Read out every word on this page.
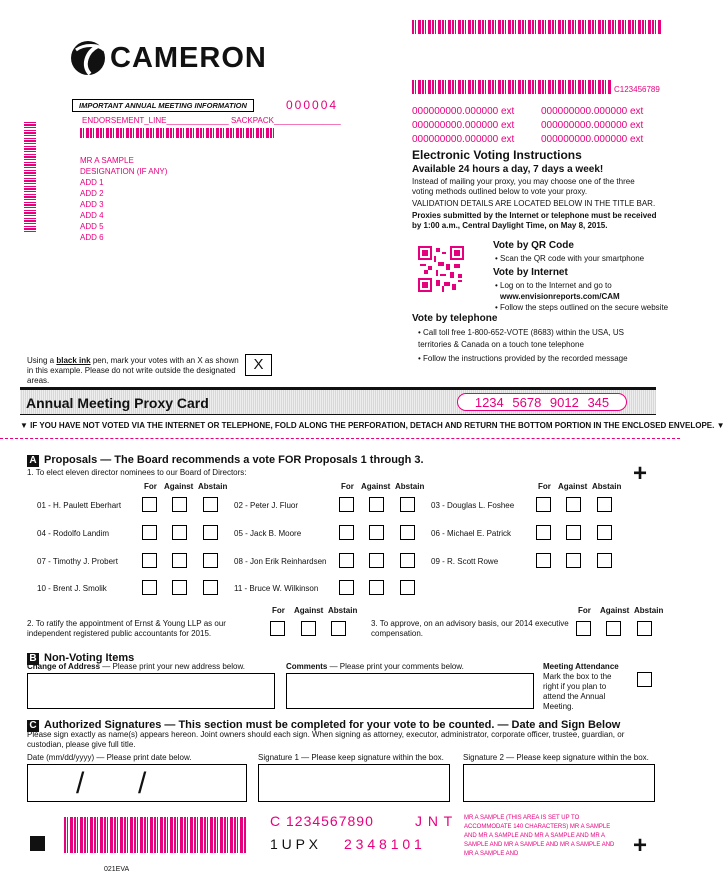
C123456789
CAMERON
IMPORTANT ANNUAL MEETING INFORMATION	000004
ENDORSEMENT_LINE______________ SACKPACK_______________
MR A SAMPLE
DESIGNATION (IF ANY)
ADD 1
ADD 2
ADD 3
ADD 4
ADD 5
ADD 6
000000000.000000 ext
000000000.000000 ext
000000000.000000 ext
000000000.000000 ext
000000000.000000 ext
000000000.000000 ext
Electronic Voting Instructions
Available 24 hours a day, 7 days a week!
Instead of mailing your proxy, you may choose one of the three voting methods outlined below to vote your proxy.
VALIDATION DETAILS ARE LOCATED BELOW IN THE TITLE BAR.
Proxies submitted by the Internet or telephone must be received by 1:00 a.m., Central Daylight Time, on May 8, 2015.
Vote by QR Code
• Scan the QR code with your smartphone
Vote by Internet
• Log on to the Internet and go to
www.envisionreports.com/CAM
• Follow the steps outlined on the secure website
Vote by telephone
• Call toll free 1-800-652-VOTE (8683) within the USA, US territories & Canada on a touch tone telephone
• Follow the instructions provided by the recorded message
Using a black ink pen, mark your votes with an X as shown in this example. Please do not write outside the designated areas.
X
Annual Meeting Proxy Card	1234 5678 9012 345
▼ IF YOU HAVE NOT VOTED VIA THE INTERNET OR TELEPHONE, FOLD ALONG THE PERFORATION, DETACH AND RETURN THE BOTTOM PORTION IN THE ENCLOSED ENVELOPE. ▼
A Proposals — The Board recommends a vote FOR Proposals 1 through 3.
1. To elect eleven director nominees to our Board of Directors:	+
For Against Abstain	For Against Abstain	For Against Abstain
01 - H. Paulett Eberhart	02 - Peter J. Fluor	03 - Douglas L. Foshee
04 - Rodolfo Landim	05 - Jack B. Moore	06 - Michael E. Patrick
07 - Timothy J. Probert	08 - Jon Erik Reinhardsen	09 - R. Scott Rowe
10 - Brent J. Smolik	11 - Bruce W. Wilkinson
For Against Abstain	For Against Abstain
2. To ratify the appointment of Ernst & Young LLP as our independent registered public accountants for 2015.
3. To approve, on an advisory basis, our 2014 executive compensation.
B Non-Voting Items
Change of Address — Please print your new address below.	Comments — Please print your comments below.	Meeting Attendance
Mark the box to the right if you plan to attend the Annual Meeting.
C Authorized Signatures — This section must be completed for your vote to be counted. — Date and Sign Below
Please sign exactly as name(s) appears hereon. Joint owners should each sign. When signing as attorney, executor, administrator, corporate officer, trustee, guardian, or custodian, please give full title.
Date (mm/dd/yyyy) — Please print date below.
/ /
Signature 1 — Please keep signature within the box. Signature 2 — Please keep signature within the box.
C 1234567890	J N T
1 U P X 2 3 4 8 1 0 1
MR A SAMPLE (THIS AREA IS SET UP TO ACCOMMODATE 140 CHARACTERS) MR A SAMPLE AND MR A SAMPLE AND MR A SAMPLE AND MR A SAMPLE AND MR A SAMPLE AND MR A SAMPLE AND MR A SAMPLE AND	+
021EVA
